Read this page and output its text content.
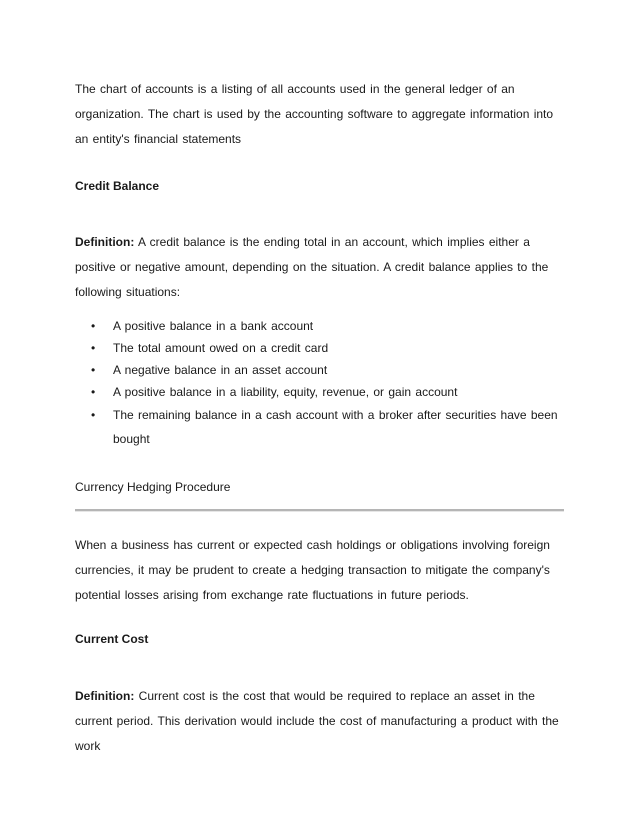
The chart of accounts is a listing of all accounts used in the general ledger of an organization. The chart is used by the accounting software to aggregate information into an entity's financial statements

Credit Balance

Definition: A credit balance is the ending total in an account, which implies either a positive or negative amount, depending on the situation. A credit balance applies to the following situations:

• A positive balance in a bank account
• The total amount owed on a credit card
• A negative balance in an asset account
• A positive balance in a liability, equity, revenue, or gain account
• The remaining balance in a cash account with a broker after securities have been bought

Currency Hedging Procedure

When a business has current or expected cash holdings or obligations involving foreign currencies, it may be prudent to create a hedging transaction to mitigate the company's potential losses arising from exchange rate fluctuations in future periods.

Current Cost

Definition: Current cost is the cost that would be required to replace an asset in the current period. This derivation would include the cost of manufacturing a product with the work
